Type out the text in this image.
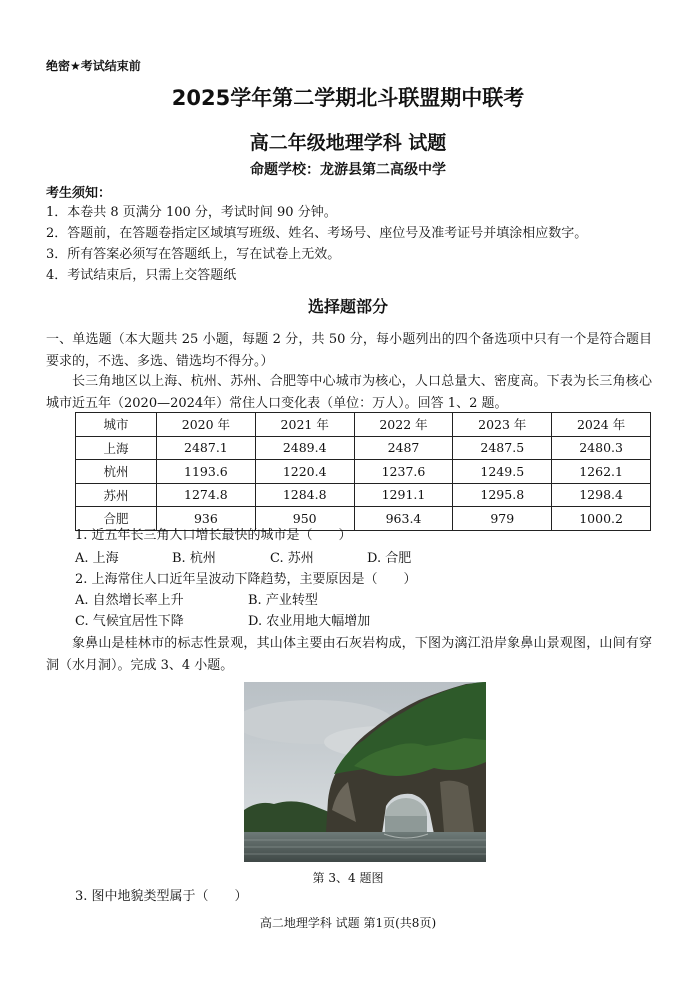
绝密★考试结束前
2025学年第二学期北斗联盟期中联考
高二年级地理学科 试题
命题学校：龙游县第二高级中学
考生须知：
1．本卷共 8 页满分 100 分，考试时间 90 分钟。
2．答题前，在答题卷指定区域填写班级、姓名、考场号、座位号及准考证号并填涂相应数字。
3．所有答案必须写在答题纸上，写在试卷上无效。
4．考试结束后，只需上交答题纸
选择题部分
一、单选题（本大题共 25 小题，每题 2 分，共 50 分，每小题列出的四个备选项中只有一个是符合题目要求的，不选、多选、错选均不得分。）
长三角地区以上海、杭州、苏州、合肥等中心城市为核心，人口总量大、密度高。下表为长三角核心城市近五年（2020—2024年）常住人口变化表（单位：万人）。回答 1、2 题。
城市	2020 年	2021 年	2022 年	2023 年	2024 年
上海	2487.1	2489.4	2487	2487.5	2480.3
杭州	1193.6	1220.4	1237.6	1249.5	1262.1
苏州	1274.8	1284.8	1291.1	1295.8	1298.4
合肥	936	950	963.4	979	1000.2
1. 近五年长三角人口增长最快的城市是（　　）
A. 上海	B. 杭州	C. 苏州	D. 合肥
2. 上海常住人口近年呈波动下降趋势，主要原因是（　　）
A. 自然增长率上升	B. 产业转型
C. 气候宜居性下降	D. 农业用地大幅增加
象鼻山是桂林市的标志性景观，其山体主要由石灰岩构成，下图为漓江沿岸象鼻山景观图，山间有穿洞（水月洞）。完成 3、4 小题。
第 3、4 题图
3. 图中地貌类型属于（　　）
高二地理学科 试题 第1页(共8页)
